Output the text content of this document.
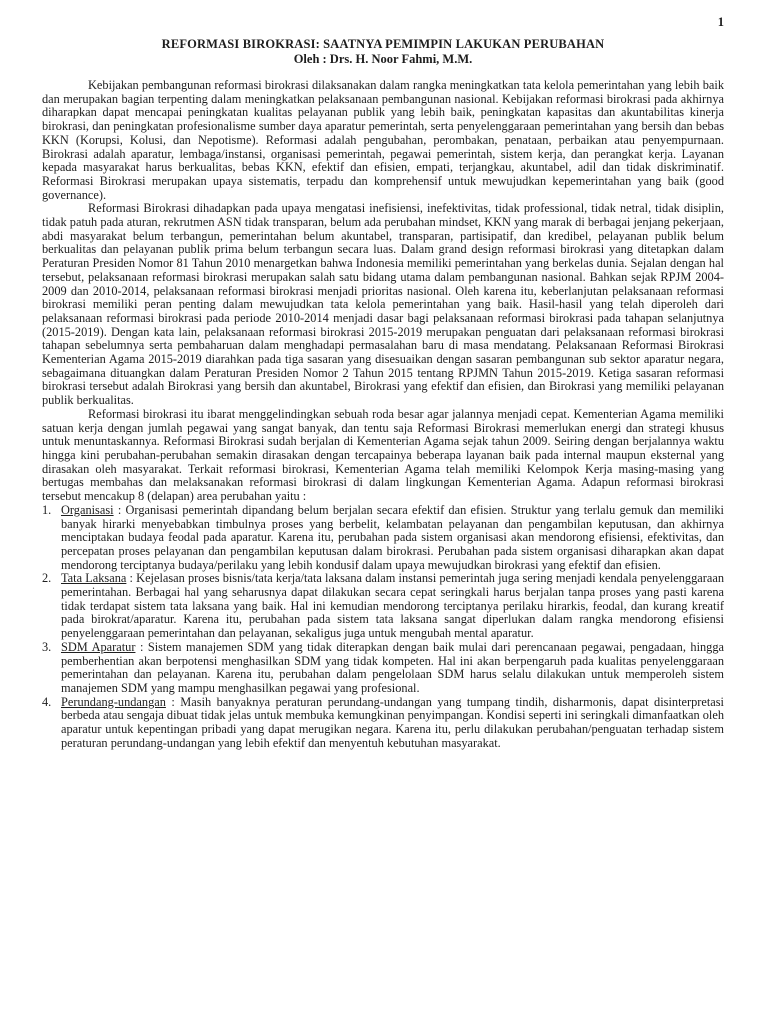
1
REFORMASI BIROKRASI: SAATNYA PEMIMPIN LAKUKAN PERUBAHAN
Oleh : Drs. H. Noor Fahmi, M.M.

Kebijakan pembangunan reformasi birokrasi dilaksanakan dalam rangka meningkatkan tata kelola pemerintahan yang lebih baik dan merupakan bagian terpenting dalam meningkatkan pelaksanaan pembangunan nasional. Kebijakan reformasi birokrasi pada akhirnya diharapkan dapat mencapai peningkatan kualitas pelayanan publik yang lebih baik, peningkatan kapasitas dan akuntabilitas kinerja birokrasi, dan peningkatan profesionalisme sumber daya aparatur pemerintah, serta penyelenggaraan pemerintahan yang bersih dan bebas KKN (Korupsi, Kolusi, dan Nepotisme). Reformasi adalah pengubahan, perombakan, penataan, perbaikan atau penyempurnaan. Birokrasi adalah aparatur, lembaga/instansi, organisasi pemerintah, pegawai pemerintah, sistem kerja, dan perangkat kerja. Layanan kepada masyarakat harus berkualitas, bebas KKN, efektif dan efisien, empati, terjangkau, akuntabel, adil dan tidak diskriminatif. Reformasi Birokrasi merupakan upaya sistematis, terpadu dan komprehensif untuk mewujudkan kepemerintahan yang baik (good governance).

Reformasi Birokrasi dihadapkan pada upaya mengatasi inefisiensi, inefektivitas, tidak professional, tidak netral, tidak disiplin, tidak patuh pada aturan, rekrutmen ASN tidak transparan, belum ada perubahan mindset, KKN yang marak di berbagai jenjang pekerjaan, abdi masyarakat belum terbangun, pemerintahan belum akuntabel, transparan, partisipatif, dan kredibel, pelayanan publik belum berkualitas dan pelayanan publik prima belum terbangun secara luas. Dalam grand design reformasi birokrasi yang ditetapkan dalam Peraturan Presiden Nomor 81 Tahun 2010 menargetkan bahwa Indonesia memiliki pemerintahan yang berkelas dunia. Sejalan dengan hal tersebut, pelaksanaan reformasi birokrasi merupakan salah satu bidang utama dalam pembangunan nasional. Bahkan sejak RPJM 2004-2009 dan 2010-2014, pelaksanaan reformasi birokrasi menjadi prioritas nasional. Oleh karena itu, keberlanjutan pelaksanaan reformasi birokrasi memiliki peran penting dalam mewujudkan tata kelola pemerintahan yang baik. Hasil-hasil yang telah diperoleh dari pelaksanaan reformasi birokrasi pada periode 2010-2014 menjadi dasar bagi pelaksanaan reformasi birokrasi pada tahapan selanjutnya (2015-2019). Dengan kata lain, pelaksanaan reformasi birokrasi 2015-2019 merupakan penguatan dari pelaksanaan reformasi birokrasi tahapan sebelumnya serta pembaharuan dalam menghadapi permasalahan baru di masa mendatang. Pelaksanaan Reformasi Birokrasi Kementerian Agama 2015-2019 diarahkan pada tiga sasaran yang disesuaikan dengan sasaran pembangunan sub sektor aparatur negara, sebagaimana dituangkan dalam Peraturan Presiden Nomor 2 Tahun 2015 tentang RPJMN Tahun 2015-2019. Ketiga sasaran reformasi birokrasi tersebut adalah Birokrasi yang bersih dan akuntabel, Birokrasi yang efektif dan efisien, dan Birokrasi yang memiliki pelayanan publik berkualitas.

Reformasi birokrasi itu ibarat menggelindingkan sebuah roda besar agar jalannya menjadi cepat. Kementerian Agama memiliki satuan kerja dengan jumlah pegawai yang sangat banyak, dan tentu saja Reformasi Birokrasi memerlukan energi dan strategi khusus untuk menuntaskannya. Reformasi Birokrasi sudah berjalan di Kementerian Agama sejak tahun 2009. Seiring dengan berjalannya waktu hingga kini perubahan-perubahan semakin dirasakan dengan tercapainya beberapa layanan baik pada internal maupun eksternal yang dirasakan oleh masyarakat. Terkait reformasi birokrasi, Kementerian Agama telah memiliki Kelompok Kerja masing-masing yang bertugas membahas dan melaksanakan reformasi birokrasi di dalam lingkungan Kementerian Agama. Adapun reformasi birokrasi tersebut mencakup 8 (delapan) area perubahan yaitu :

1. Organisasi : Organisasi pemerintah dipandang belum berjalan secara efektif dan efisien. Struktur yang terlalu gemuk dan memiliki banyak hirarki menyebabkan timbulnya proses yang berbelit, kelambatan pelayanan dan pengambilan keputusan, dan akhirnya menciptakan budaya feodal pada aparatur. Karena itu, perubahan pada sistem organisasi akan mendorong efisiensi, efektivitas, dan percepatan proses pelayanan dan pengambilan keputusan dalam birokrasi. Perubahan pada sistem organisasi diharapkan akan dapat mendorong terciptanya budaya/perilaku yang lebih kondusif dalam upaya mewujudkan birokrasi yang efektif dan efisien.
2. Tata Laksana : Kejelasan proses bisnis/tata kerja/tata laksana dalam instansi pemerintah juga sering menjadi kendala penyelenggaraan pemerintahan. Berbagai hal yang seharusnya dapat dilakukan secara cepat seringkali harus berjalan tanpa proses yang pasti karena tidak terdapat sistem tata laksana yang baik. Hal ini kemudian mendorong terciptanya perilaku hirarkis, feodal, dan kurang kreatif pada birokrat/aparatur. Karena itu, perubahan pada sistem tata laksana sangat diperlukan dalam rangka mendorong efisiensi penyelenggaraan pemerintahan dan pelayanan, sekaligus juga untuk mengubah mental aparatur.
3. SDM Aparatur : Sistem manajemen SDM yang tidak diterapkan dengan baik mulai dari perencanaan pegawai, pengadaan, hingga pemberhentian akan berpotensi menghasilkan SDM yang tidak kompeten. Hal ini akan berpengaruh pada kualitas penyelenggaraan pemerintahan dan pelayanan. Karena itu, perubahan dalam pengelolaan SDM harus selalu dilakukan untuk memperoleh sistem manajemen SDM yang mampu menghasilkan pegawai yang profesional.
4. Perundang-undangan : Masih banyaknya peraturan perundang-undangan yang tumpang tindih, disharmonis, dapat disinterpretasi berbeda atau sengaja dibuat tidak jelas untuk membuka kemungkinan penyimpangan. Kondisi seperti ini seringkali dimanfaatkan oleh aparatur untuk kepentingan pribadi yang dapat merugikan negara. Karena itu, perlu dilakukan perubahan/penguatan terhadap sistem peraturan perundang-undangan yang lebih efektif dan menyentuh kebutuhan masyarakat.
